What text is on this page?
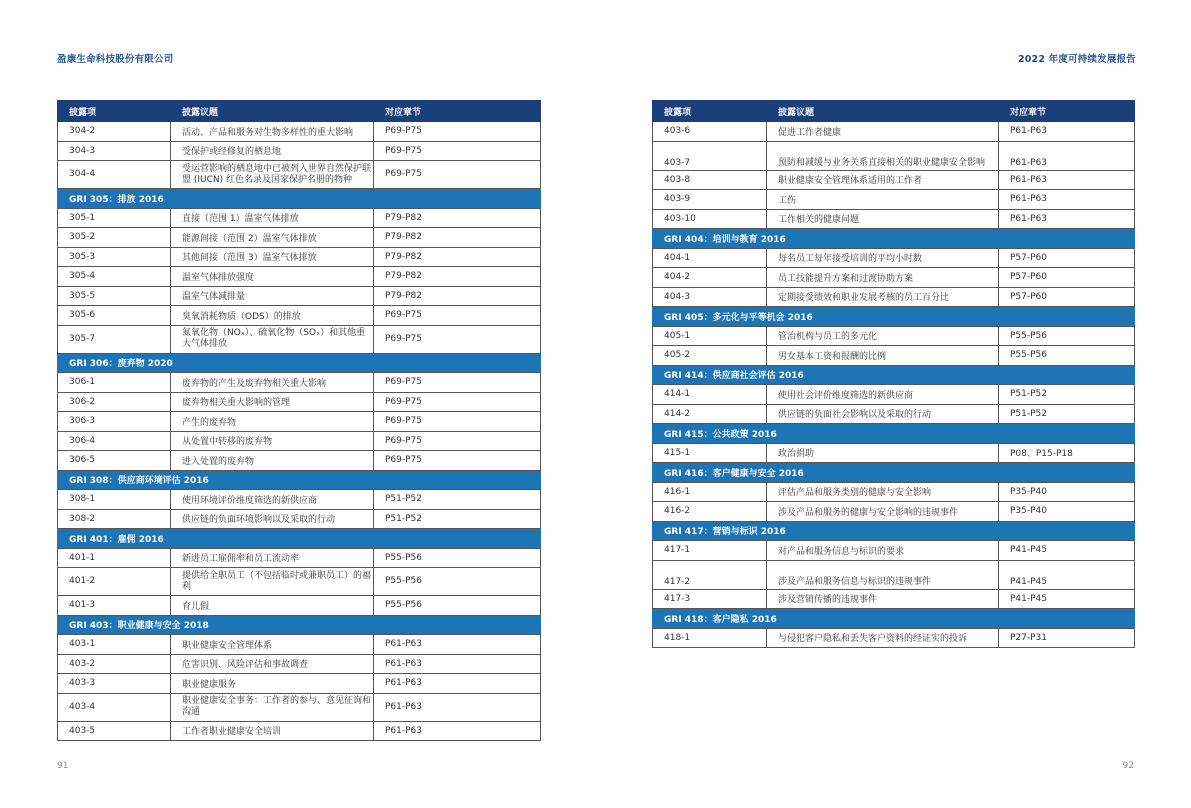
盈康生命科技股份有限公司	2022 年度可持续发展报告
披露项	披露议题	对应章节
304-2	活动、产品和服务对生物多样性的重大影响	P69-P75
304-3	受保护或经修复的栖息地	P69-P75
304-4	受运营影响的栖息地中已被列入世界自然保护联盟 (IUCN) 红色名录及国家保护名册的物种	P69-P75
GRI 305：排放 2016		
305-1	直接（范围 1）温室气体排放	P79-P82
305-2	能源间接（范围 2）温室气体排放	P79-P82
305-3	其他间接（范围 3）温室气体排放	P79-P82
305-4	温室气体排放强度	P79-P82
305-5	温室气体减排量	P79-P82
305-6	臭氧消耗物质（ODS）的排放	P69-P75
305-7	氮氧化物（NOₓ）、硫氧化物（SOₓ）和其他重大气体排放	P69-P75
GRI 306：废弃物 2020		
306-1	废弃物的产生及废弃物相关重大影响	P69-P75
306-2	废弃物相关重大影响的管理	P69-P75
306-3	产生的废弃物	P69-P75
306-4	从处置中转移的废弃物	P69-P75
306-5	进入处置的废弃物	P69-P75
GRI 308：供应商环境评估 2016		
308-1	使用环境评价维度筛选的新供应商	P51-P52
308-2	供应链的负面环境影响以及采取的行动	P51-P52
GRI 401：雇佣 2016		
401-1	新进员工雇佣率和员工流动率	P55-P56
401-2	提供给全职员工（不包括临时或兼职员工）的福利	P55-P56
401-3	育儿假	P55-P56
GRI 403：职业健康与安全 2018		
403-1	职业健康安全管理体系	P61-P63
403-2	危害识别、风险评估和事故调查	P61-P63
403-3	职业健康服务	P61-P63
403-4	职业健康安全事务：工作者的参与、意见征询和沟通	P61-P63
403-5	工作者职业健康安全培训	P61-P63
披露项	披露议题	对应章节
403-6	促进工作者健康	P61-P63
403-7	预防和减缓与业务关系直接相关的职业健康安全影响	P61-P63
403-8	职业健康安全管理体系适用的工作者	P61-P63
403-9	工伤	P61-P63
403-10	工作相关的健康问题	P61-P63
GRI 404：培训与教育 2016		
404-1	每名员工每年接受培训的平均小时数	P57-P60
404-2	员工技能提升方案和过渡协助方案	P57-P60
404-3	定期接受绩效和职业发展考核的员工百分比	P57-P60
GRI 405：多元化与平等机会 2016		
405-1	管治机构与员工的多元化	P55-P56
405-2	男女基本工资和报酬的比例	P55-P56
GRI 414：供应商社会评估 2016		
414-1	使用社会评价维度筛选的新供应商	P51-P52
414-2	供应链的负面社会影响以及采取的行动	P51-P52
GRI 415：公共政策 2016		
415-1	政治捐助	P08、P15-P18
GRI 416：客户健康与安全 2016		
416-1	评估产品和服务类别的健康与安全影响	P35-P40
416-2	涉及产品和服务的健康与安全影响的违规事件	P35-P40
GRI 417：营销与标识 2016		
417-1	对产品和服务信息与标识的要求	P41-P45
417-2	涉及产品和服务信息与标识的违规事件	P41-P45
417-3	涉及营销传播的违规事件	P41-P45
GRI 418：客户隐私 2016		
418-1	与侵犯客户隐私和丢失客户资料的经证实的投诉	P27-P31
91	92
